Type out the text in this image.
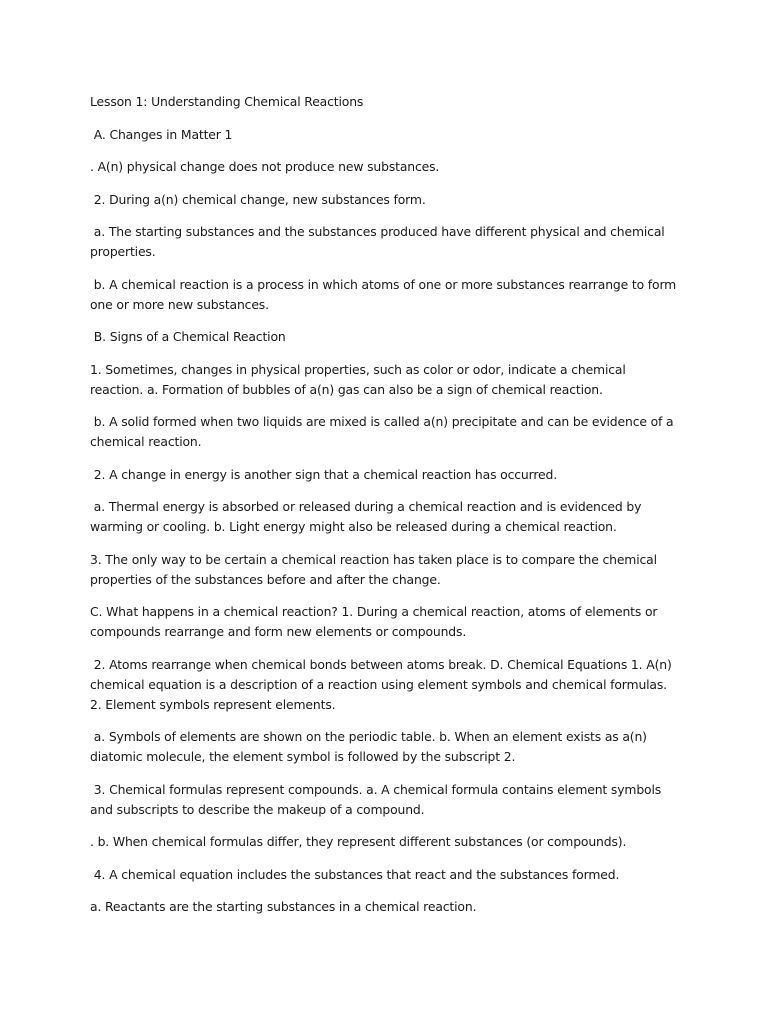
Lesson 1: Understanding Chemical Reactions

A. Changes in Matter 1

. A(n) physical change does not produce new substances.

2. During a(n) chemical change, new substances form.

a. The starting substances and the substances produced have different physical and chemical properties.

b. A chemical reaction is a process in which atoms of one or more substances rearrange to form one or more new substances.

B. Signs of a Chemical Reaction

1. Sometimes, changes in physical properties, such as color or odor, indicate a chemical reaction. a. Formation of bubbles of a(n) gas can also be a sign of chemical reaction.

b. A solid formed when two liquids are mixed is called a(n) precipitate and can be evidence of a chemical reaction.

2. A change in energy is another sign that a chemical reaction has occurred.

a. Thermal energy is absorbed or released during a chemical reaction and is evidenced by warming or cooling. b. Light energy might also be released during a chemical reaction.

3. The only way to be certain a chemical reaction has taken place is to compare the chemical properties of the substances before and after the change.

C. What happens in a chemical reaction? 1. During a chemical reaction, atoms of elements or compounds rearrange and form new elements or compounds.

2. Atoms rearrange when chemical bonds between atoms break. D. Chemical Equations 1. A(n) chemical equation is a description of a reaction using element symbols and chemical formulas. 2. Element symbols represent elements.

a. Symbols of elements are shown on the periodic table. b. When an element exists as a(n) diatomic molecule, the element symbol is followed by the subscript 2.

3. Chemical formulas represent compounds. a. A chemical formula contains element symbols and subscripts to describe the makeup of a compound.

. b. When chemical formulas differ, they represent different substances (or compounds).

4. A chemical equation includes the substances that react and the substances formed.

a. Reactants are the starting substances in a chemical reaction.
